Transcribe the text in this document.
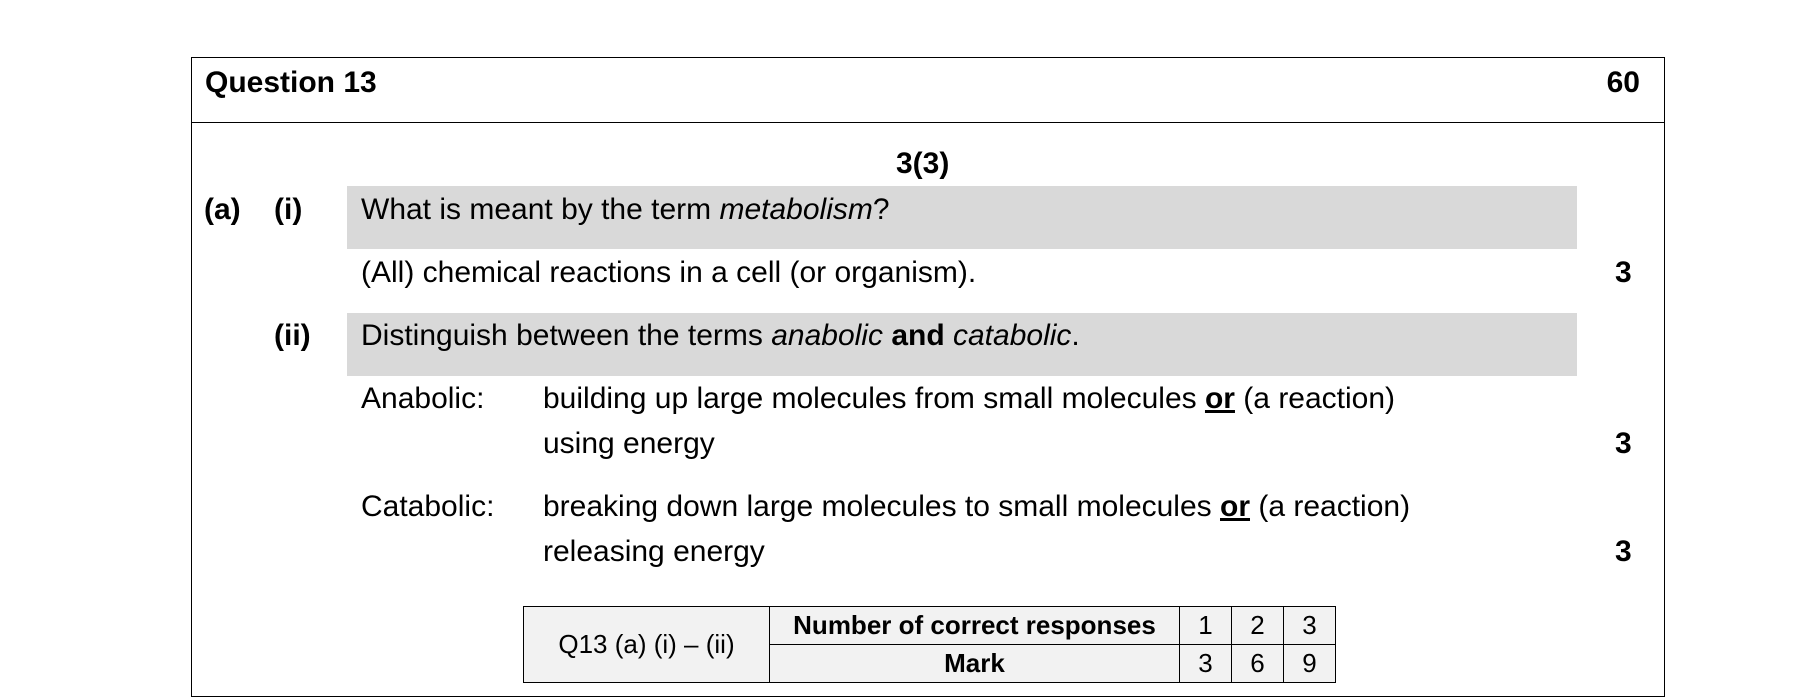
Question 13	60
3(3)
(a) (i) What is meant by the term metabolism?
(All) chemical reactions in a cell (or organism).	3
(ii) Distinguish between the terms anabolic and catabolic.
Anabolic: building up large molecules from small molecules or (a reaction)
using energy	3
Catabolic: breaking down large molecules to small molecules or (a reaction)
releasing energy	3
Q13 (a) (i) – (ii)	Number of correct responses	1	2	3
	Mark	3	6	9
